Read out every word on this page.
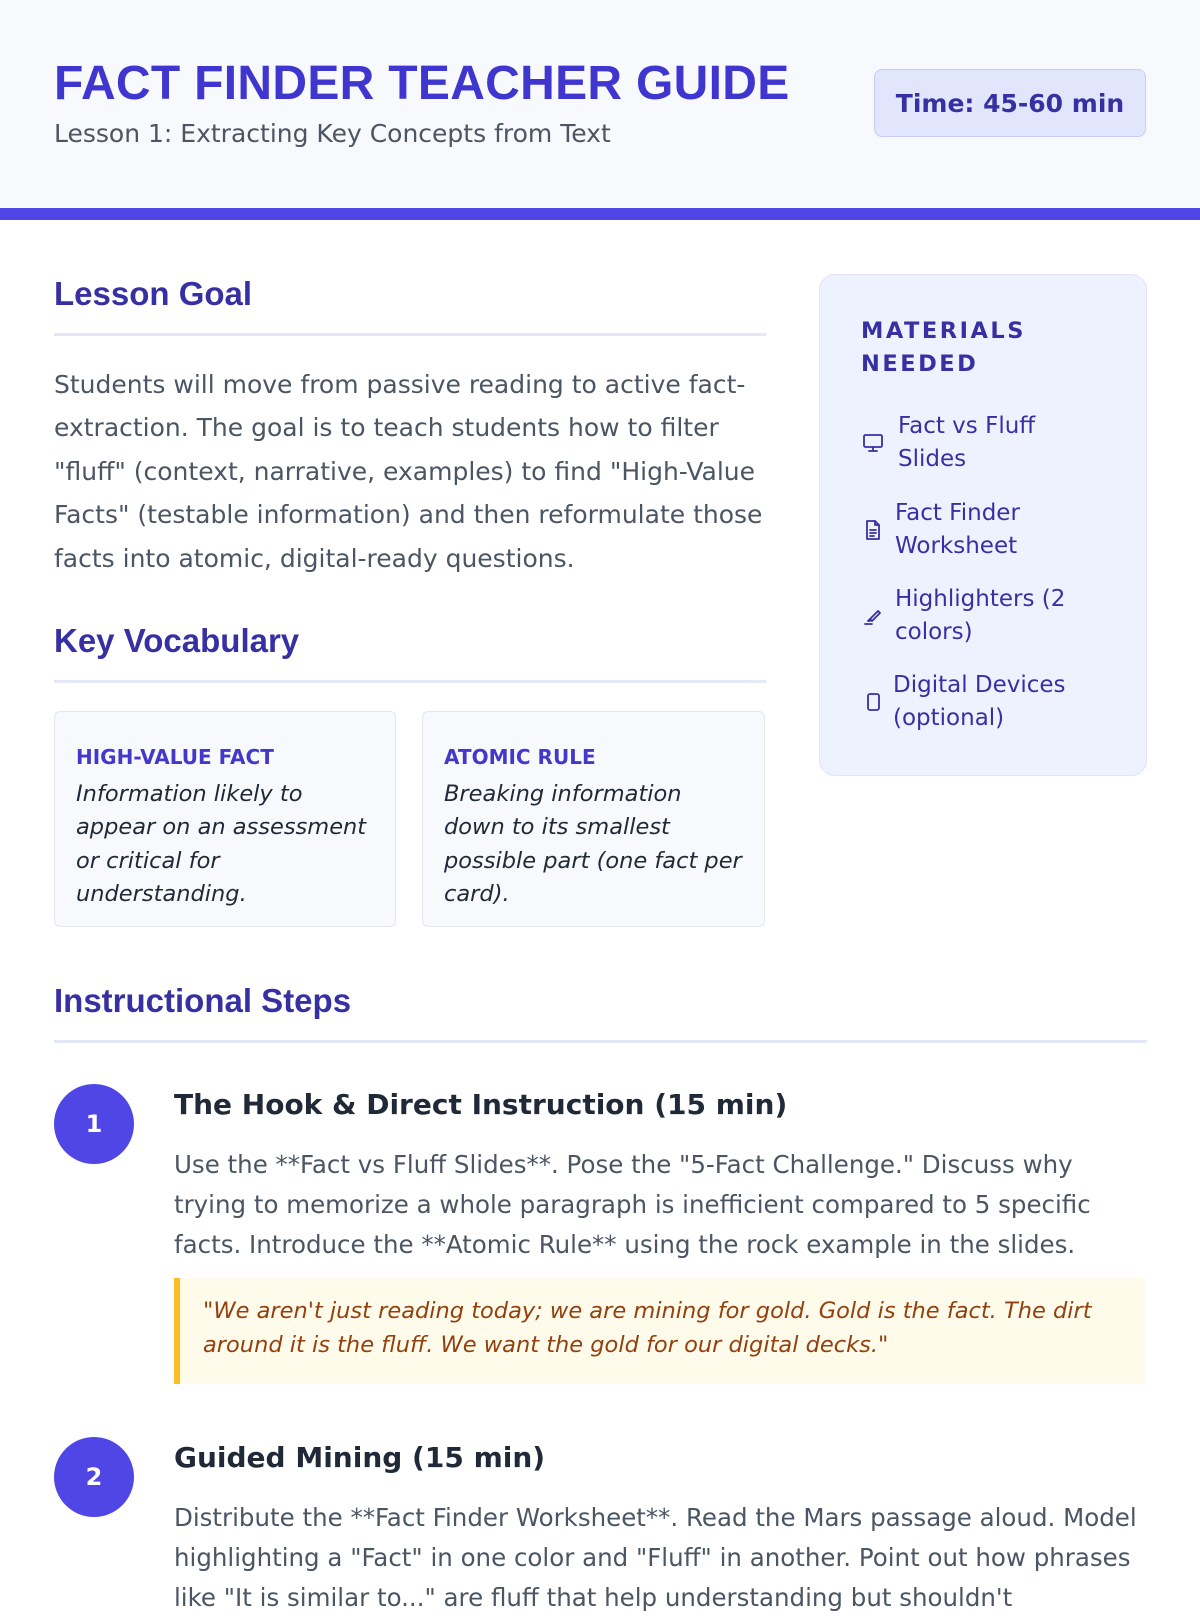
FACT FINDER TEACHER GUIDE
Lesson 1: Extracting Key Concepts from Text
Time: 45-60 min
Lesson Goal

Students will move from passive reading to active fact-extraction. The goal is to teach students how to filter "fluff" (context, narrative, examples) to find "High-Value Facts" (testable information) and then reformulate those facts into atomic, digital-ready questions.

Key Vocabulary
HIGH-VALUE FACT
Information likely to appear on an assessment or critical for understanding.
ATOMIC RULE
Breaking information down to its smallest possible part (one fact per card).
MATERIALS NEEDED
Fact vs Fluff Slides
Fact Finder Worksheet
Highlighters (2 colors)
Digital Devices (optional)
Instructional Steps
1
The Hook & Direct Instruction (15 min)

Use the **Fact vs Fluff Slides**. Pose the "5-Fact Challenge." Discuss why trying to memorize a whole paragraph is inefficient compared to 5 specific facts. Introduce the **Atomic Rule** using the rock example in the slides.

"We aren't just reading today; we are mining for gold. Gold is the fact. The dirt around it is the fluff. We want the gold for our digital decks."
2
Guided Mining (15 min)

Distribute the **Fact Finder Worksheet**. Read the Mars passage aloud. Model highlighting a "Fact" in one color and "Fluff" in another. Point out how phrases like "It is similar to..." are fluff that help understanding but shouldn't
